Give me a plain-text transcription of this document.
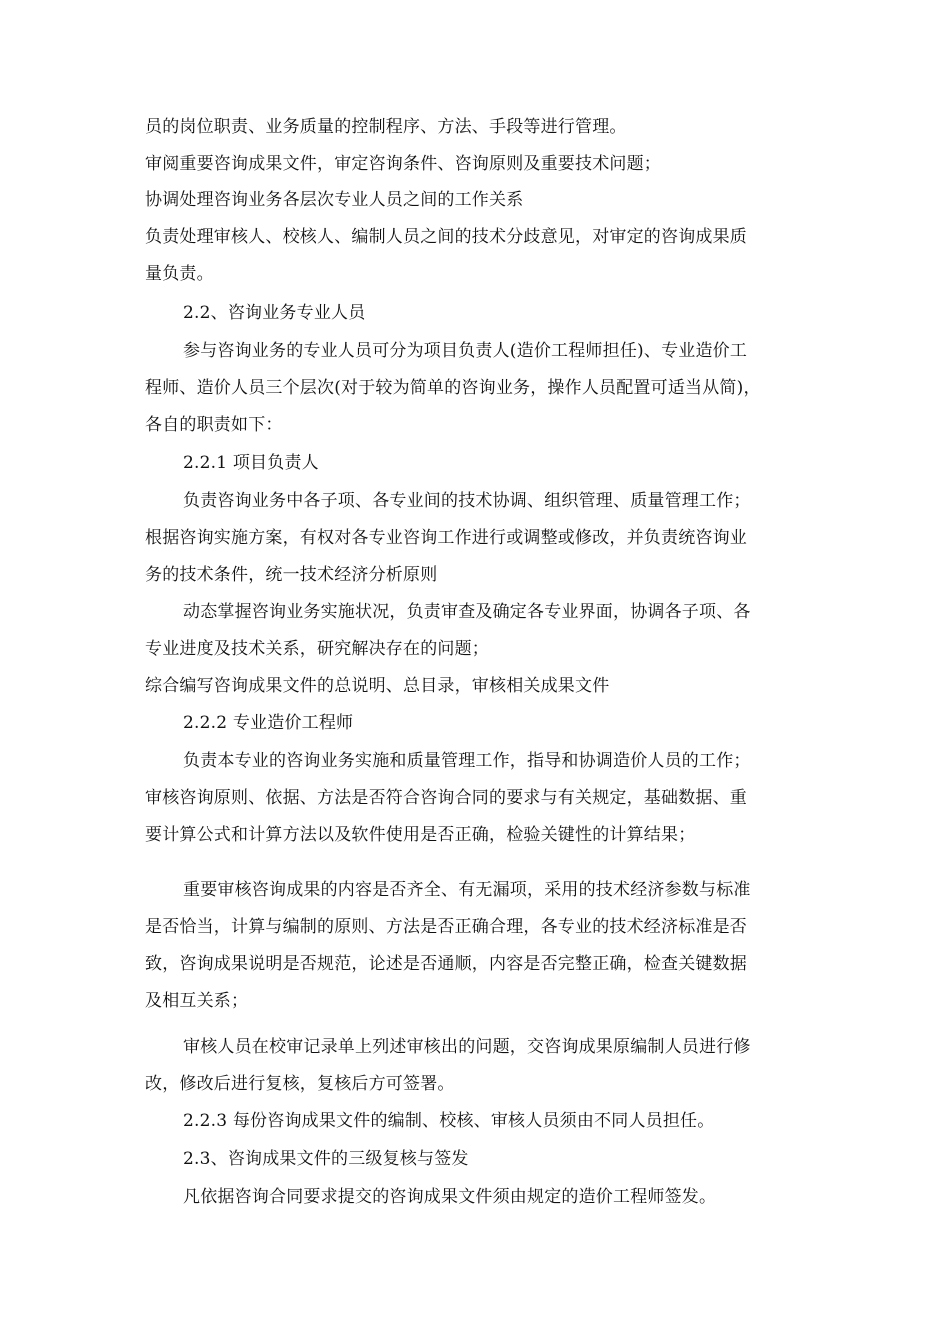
员的岗位职责、业务质量的控制程序、方法、手段等进行管理。
审阅重要咨询成果文件，审定咨询条件、咨询原则及重要技术问题；
协调处理咨询业务各层次专业人员之间的工作关系
负责处理审核人、校核人、编制人员之间的技术分歧意见，对审定的咨询成果质
量负责。
2.2、咨询业务专业人员
参与咨询业务的专业人员可分为项目负责人(造价工程师担任)、专业造价工
程师、造价人员三个层次(对于较为简单的咨询业务，操作人员配置可适当从简)，
各自的职责如下：
2.2.1 项目负责人
负责咨询业务中各子项、各专业间的技术协调、组织管理、质量管理工作；
根据咨询实施方案，有权对各专业咨询工作进行或调整或修改，并负责统咨询业
务的技术条件，统一技术经济分析原则
动态掌握咨询业务实施状况，负责审查及确定各专业界面，协调各子项、各
专业进度及技术关系，研究解决存在的问题；
综合编写咨询成果文件的总说明、总目录，审核相关成果文件
2.2.2 专业造价工程师
负责本专业的咨询业务实施和质量管理工作，指导和协调造价人员的工作；
审核咨询原则、依据、方法是否符合咨询合同的要求与有关规定，基础数据、重
要计算公式和计算方法以及软件使用是否正确，检验关键性的计算结果；
重要审核咨询成果的内容是否齐全、有无漏项，采用的技术经济参数与标准
是否恰当，计算与编制的原则、方法是否正确合理，各专业的技术经济标准是否
致，咨询成果说明是否规范，论述是否通顺，内容是否完整正确，检查关键数据
及相互关系；
审核人员在校审记录单上列述审核出的问题，交咨询成果原编制人员进行修
改，修改后进行复核，复核后方可签署。
2.2.3 每份咨询成果文件的编制、校核、审核人员须由不同人员担任。
2.3、咨询成果文件的三级复核与签发
凡依据咨询合同要求提交的咨询成果文件须由规定的造价工程师签发。
